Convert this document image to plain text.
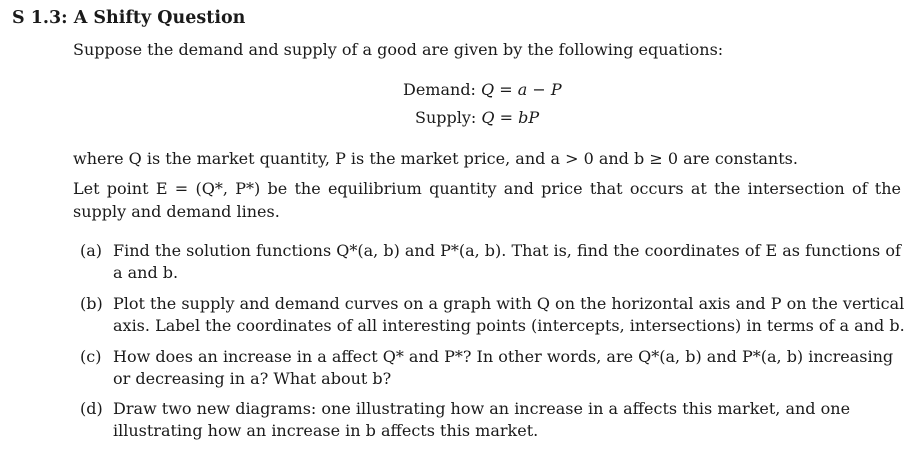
S 1.3: A Shifty Question
Suppose the demand and supply of a good are given by the following equations:
Demand: Q = a − P
Supply: Q = bP
where Q is the market quantity, P is the market price, and a > 0 and b ≥ 0 are constants.
Let point E = (Q*, P*) be the equilibrium quantity and price that occurs at the intersection of the supply and demand lines.
(a) Find the solution functions Q*(a, b) and P*(a, b). That is, find the coordinates of E as functions of a and b.
(b) Plot the supply and demand curves on a graph with Q on the horizontal axis and P on the vertical axis. Label the coordinates of all interesting points (intercepts, intersections) in terms of a and b.
(c) How does an increase in a affect Q* and P*? In other words, are Q*(a, b) and P*(a, b) increasing or decreasing in a? What about b?
(d) Draw two new diagrams: one illustrating how an increase in a affects this market, and one illustrating how an increase in b affects this market.
